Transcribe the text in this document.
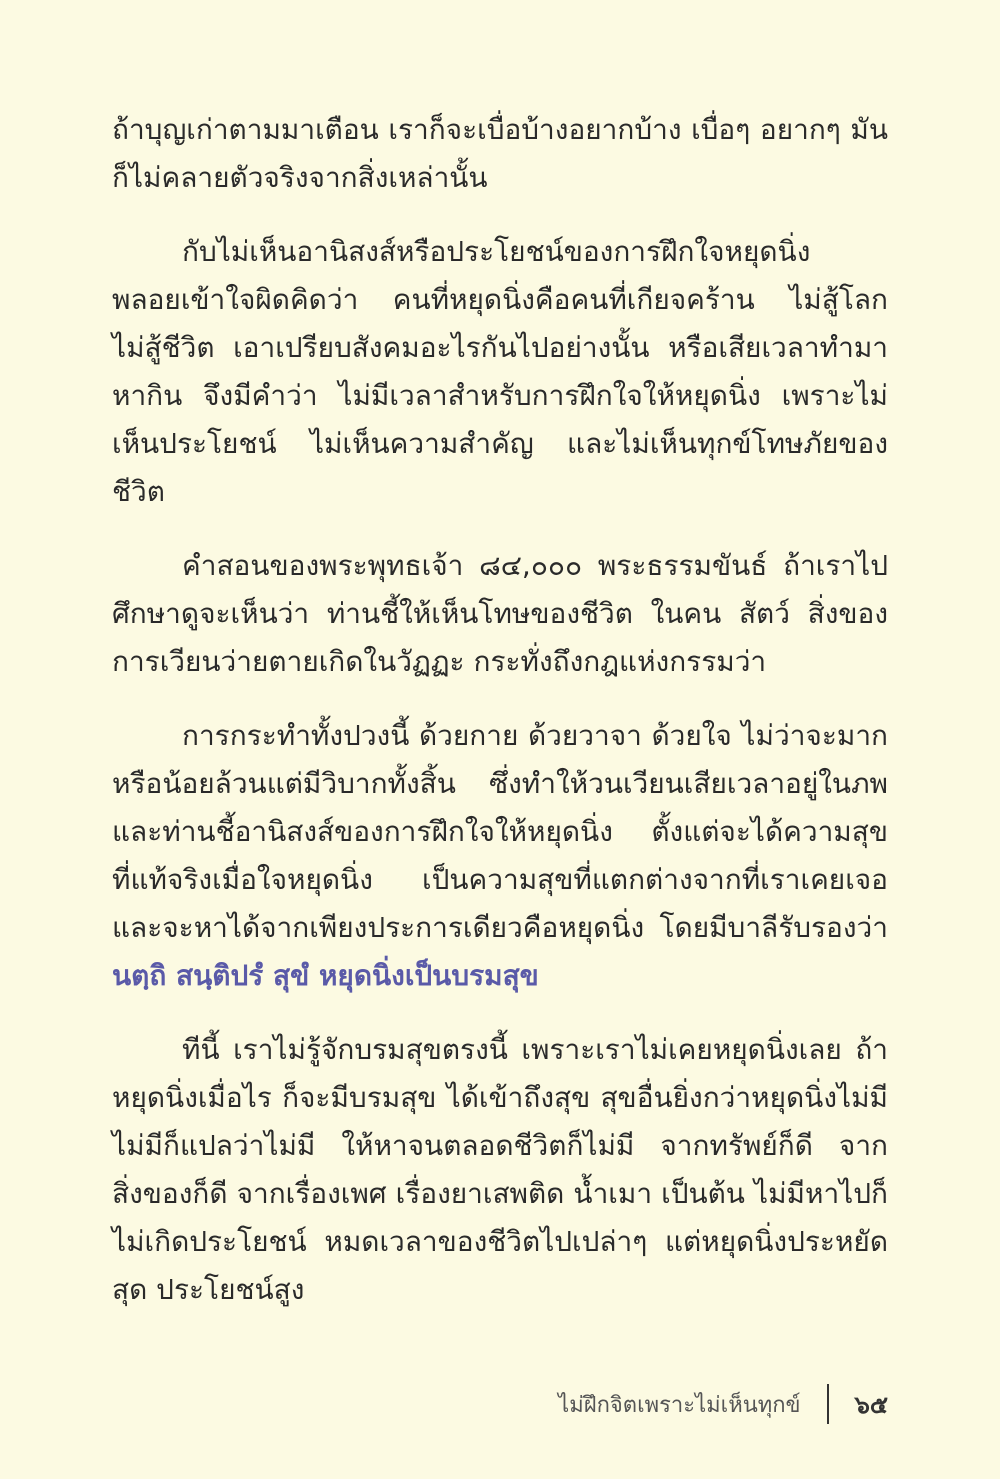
ถ้าบุญเก่าตามมาเตือน เราก็จะเบื่อบ้างอยากบ้าง เบื่อๆ อยากๆ มันก็ไม่คลายตัวจริงจากสิ่งเหล่านั้น

กับไม่เห็นอานิสงส์หรือประโยชน์ของการฝึกใจหยุดนิ่ง พลอยเข้าใจผิดคิดว่า คนที่หยุดนิ่งคือคนที่เกียจคร้าน ไม่สู้โลก ไม่สู้ชีวิต เอาเปรียบสังคมอะไรกันไปอย่างนั้น หรือเสียเวลาทำมาหากิน จึงมีคำว่า ไม่มีเวลาสำหรับการฝึกใจให้หยุดนิ่ง เพราะไม่เห็นประโยชน์ ไม่เห็นความสำคัญ และไม่เห็นทุกข์โทษภัยของชีวิต

คำสอนของพระพุทธเจ้า ๘๔,๐๐๐ พระธรรมขันธ์ ถ้าเราไปศึกษาดูจะเห็นว่า ท่านชี้ให้เห็นโทษของชีวิต ในคน สัตว์ สิ่งของ การเวียนว่ายตายเกิดในวัฏฏะ กระทั่งถึงกฎแห่งกรรมว่า

การกระทำทั้งปวงนี้ ด้วยกาย ด้วยวาจา ด้วยใจ ไม่ว่าจะมากหรือน้อยล้วนแต่มีวิบากทั้งสิ้น ซึ่งทำให้วนเวียนเสียเวลาอยู่ในภพ และท่านชี้อานิสงส์ของการฝึกใจให้หยุดนิ่ง ตั้งแต่จะได้ความสุขที่แท้จริงเมื่อใจหยุดนิ่ง เป็นความสุขที่แตกต่างจากที่เราเคยเจอ และจะหาได้จากเพียงประการเดียวคือหยุดนิ่ง โดยมีบาลีรับรองว่า นตฺถิ สนฺติปรํ สุขํ หยุดนิ่งเป็นบรมสุข

ทีนี้ เราไม่รู้จักบรมสุขตรงนี้ เพราะเราไม่เคยหยุดนิ่งเลย ถ้าหยุดนิ่งเมื่อไร ก็จะมีบรมสุข ได้เข้าถึงสุข สุขอื่นยิ่งกว่าหยุดนิ่งไม่มี ไม่มีก็แปลว่าไม่มี ให้หาจนตลอดชีวิตก็ไม่มี จากทรัพย์ก็ดี จากสิ่งของก็ดี จากเรื่องเพศ เรื่องยาเสพติด น้ำเมา เป็นต้น ไม่มีหาไปก็ไม่เกิดประโยชน์ หมดเวลาของชีวิตไปเปล่าๆ แต่หยุดนิ่งประหยัดสุด ประโยชน์สูง

ไม่ฝึกจิตเพราะไม่เห็นทุกข์ ๖๕
